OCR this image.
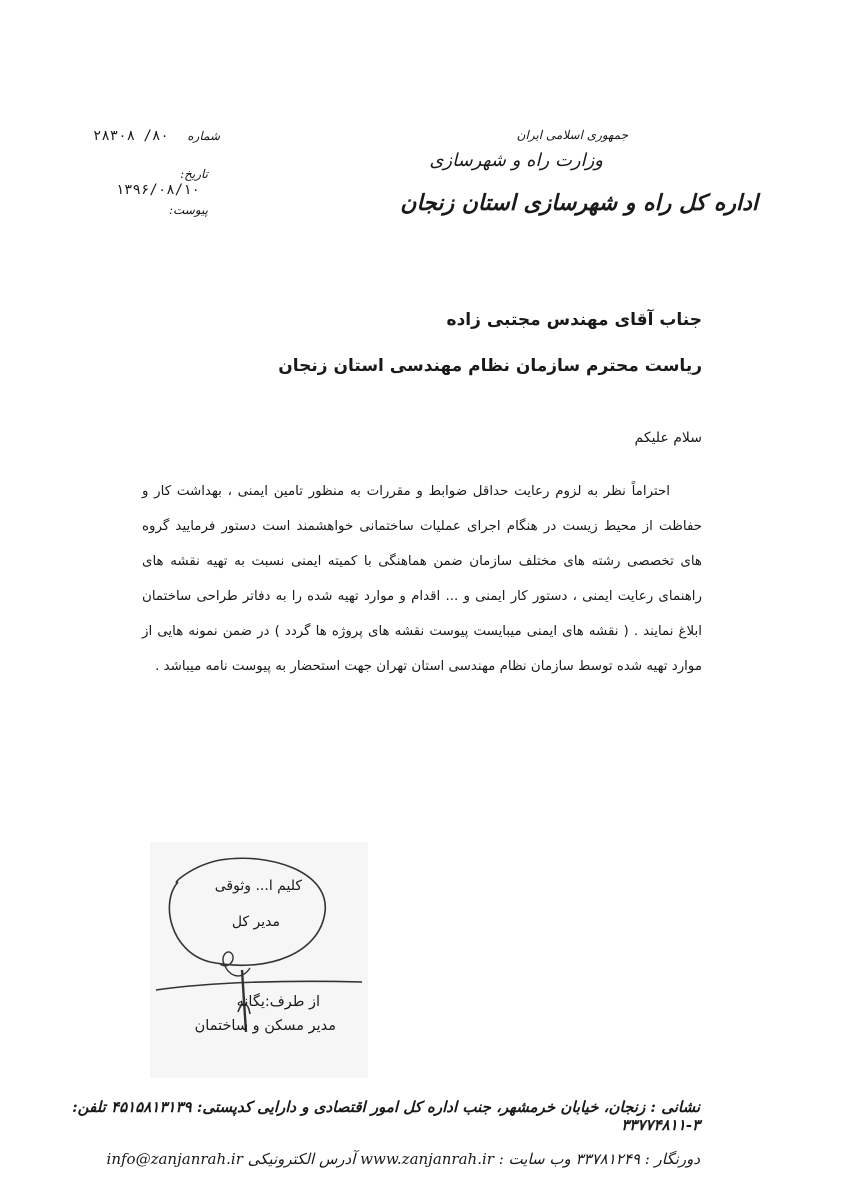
جمهوری اسلامی ایران
وزارت راه و شهرسازی
اداره کل راه و شهرسازی استان زنجان
شماره ۸۰/ ۲۸۳۰۸
تاریخ: ۱۳۹۶/۰۸/۱۰
پیوست:
جناب آقای مهندس مجتبی زاده
ریاست محترم سازمان نظام مهندسی استان زنجان
سلام علیکم

احتراماً نظر به لزوم رعایت حداقل ضوابط و مقررات به منظور تامین ایمنی ، بهداشت کار و حفاظت از محیط زیست در هنگام اجرای عملیات ساختمانی خواهشمند است دستور فرمایید گروه های تخصصی رشته های مختلف سازمان ضمن هماهنگی با کمیته ایمنی نسبت به تهیه نقشه های راهنمای رعایت ایمنی ، دستور کار ایمنی و ... اقدام و موارد تهیه شده را به دفاتر طراحی ساختمان ابلاغ نمایند . ( نقشه های ایمنی میبایست پیوست نقشه های پروژه ها گردد ) در ضمن نمونه هایی از موارد تهیه شده توسط سازمان نظام مهندسی استان تهران جهت استحضار به پیوست نامه میباشد .

کلیم ا... وثوقی
مدیر کل
از طرف:یگانه
مدیر مسکن و ساختمان
نشانی : زنجان، خیابان خرمشهر، جنب اداره کل امور اقتصادی و دارایی کدپستی: ۴۵۱۵۸۱۳۱۳۹ تلفن: ۳-۳۳۷۷۴۸۱۱
دورنگار : ۳۳۷۸۱۲۴۹ وب سایت : www.zanjanrah.ir آدرس الکترونیکی info@zanjanrah.ir
